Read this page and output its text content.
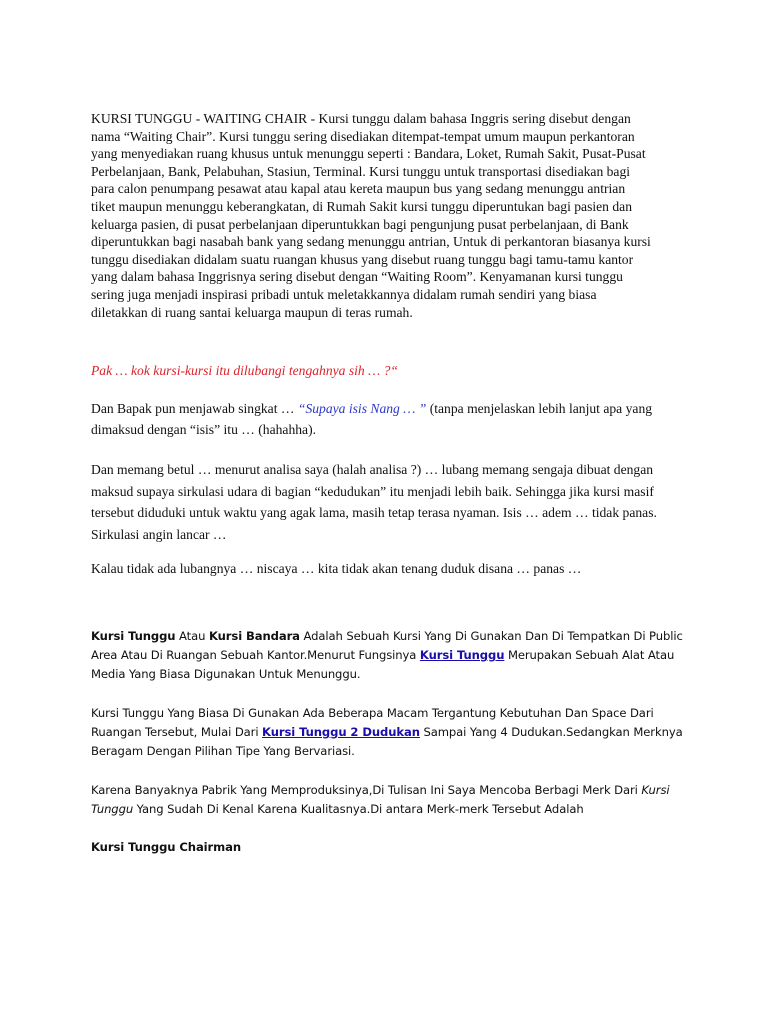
KURSI TUNGGU - WAITING CHAIR - Kursi tunggu dalam bahasa Inggris sering disebut dengan nama “Waiting Chair”. Kursi tunggu sering disediakan ditempat-tempat umum maupun perkantoran yang menyediakan ruang khusus untuk menunggu seperti : Bandara, Loket, Rumah Sakit, Pusat-Pusat Perbelanjaan, Bank, Pelabuhan, Stasiun, Terminal. Kursi tunggu untuk transportasi disediakan bagi para calon penumpang pesawat atau kapal atau kereta maupun bus yang sedang menunggu antrian tiket maupun menunggu keberangkatan, di Rumah Sakit kursi tunggu diperuntukan bagi pasien dan keluarga pasien, di pusat perbelanjaan diperuntukkan bagi pengunjung pusat perbelanjaan, di Bank diperuntukkan bagi nasabah bank yang sedang menunggu antrian, Untuk di perkantoran biasanya kursi tunggu disediakan didalam suatu ruangan khusus yang disebut ruang tunggu bagi tamu-tamu kantor yang dalam bahasa Inggrisnya sering disebut dengan “Waiting Room”. Kenyamanan kursi tunggu sering juga menjadi inspirasi pribadi untuk meletakkannya didalam rumah sendiri yang biasa diletakkan di ruang santai keluarga maupun di teras rumah.

Pak … kok kursi-kursi itu dilubangi tengahnya sih … ?“

Dan Bapak pun menjawab singkat … “Supaya isis Nang … ” (tanpa menjelaskan lebih lanjut apa yang dimaksud dengan “isis” itu … (hahahha).

Dan memang betul … menurut analisa saya (halah analisa ?) … lubang memang sengaja dibuat dengan maksud supaya sirkulasi udara di bagian “kedudukan” itu menjadi lebih baik. Sehingga jika kursi masif tersebut diduduki untuk waktu yang agak lama, masih tetap terasa nyaman. Isis … adem … tidak panas. Sirkulasi angin lancar …

Kalau tidak ada lubangnya … niscaya … kita tidak akan tenang duduk disana … panas …

Kursi Tunggu Atau Kursi Bandara Adalah Sebuah Kursi Yang Di Gunakan Dan Di Tempatkan Di Public Area Atau Di Ruangan Sebuah Kantor.Menurut Fungsinya Kursi Tunggu Merupakan Sebuah Alat Atau Media Yang Biasa Digunakan Untuk Menunggu.

Kursi Tunggu Yang Biasa Di Gunakan Ada Beberapa Macam Tergantung Kebutuhan Dan Space Dari Ruangan Tersebut, Mulai Dari Kursi Tunggu 2 Dudukan Sampai Yang 4 Dudukan.Sedangkan Merknya Beragam Dengan Pilihan Tipe Yang Bervariasi.

Karena Banyaknya Pabrik Yang Memproduksinya,Di Tulisan Ini Saya Mencoba Berbagi Merk Dari Kursi Tunggu Yang Sudah Di Kenal Karena Kualitasnya.Di antara Merk-merk Tersebut Adalah

Kursi Tunggu Chairman
